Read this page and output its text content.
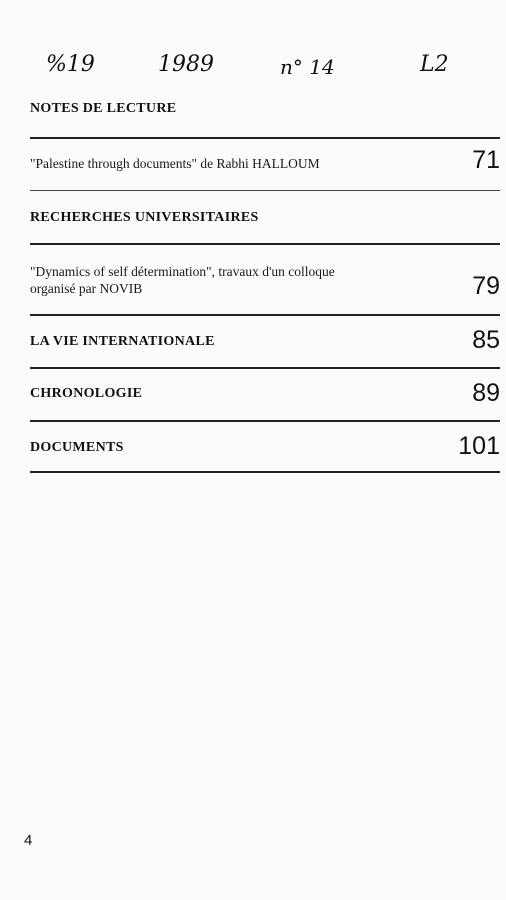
%19	1989	n° 14	L2
NOTES DE LECTURE
"Palestine through documents" de Rabhi HALLOUM	71
RECHERCHES UNIVERSITAIRES
"Dynamics of self détermination", travaux d'un colloque
organisé par NOVIB	79
LA VIE INTERNATIONALE	85
CHRONOLOGIE	89
DOCUMENTS	101
4
